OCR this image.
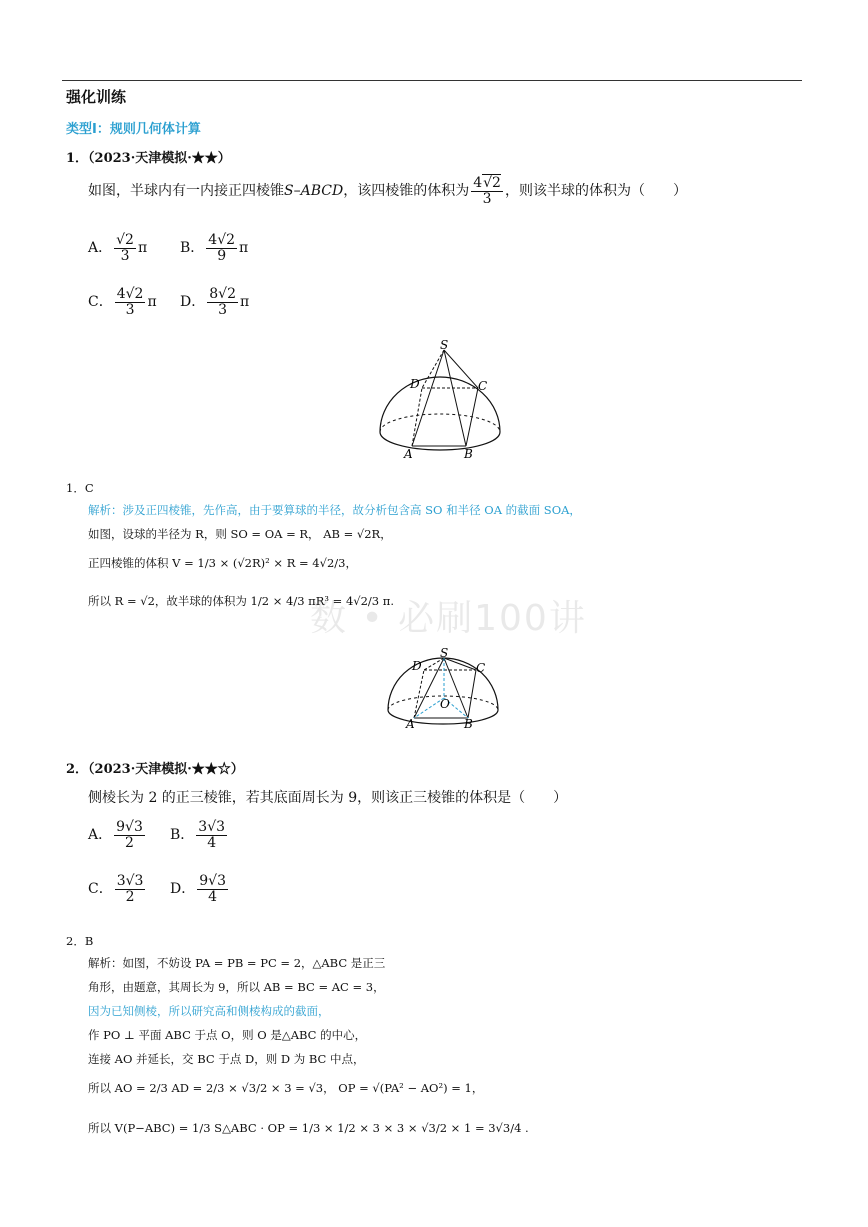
强化训练
类型Ⅰ：规则几何体计算
数 • 必刷100讲
1．（2023·天津模拟·★★）
如图，半球内有一内接正四棱锥S–ABCD，该四棱锥的体积为 $\frac{4√2}{3}$ ，则该半球的体积为（　　）
A． $\frac{√2}{3}$ π B． $\frac{4√2}{9}$ π
C． $\frac{4√2}{3}$ π D． $\frac{8√2}{3}$ π
S
D	C
A	B
1．C
解析：涉及正四棱锥，先作高，由于要算球的半径，故分析包含高 SO 和半径 OA 的截面 SOA，
如图，设球的半径为 R，则 SO = OA = R， AB = √2R，
正四棱锥的体积 V = 1/3 × (√2R)² × R = 4√2/3，
所以 R = √2，故半球的体积为 1/2 × 4/3 πR³ = 4√2/3 π.
S
D	C
O
A	B
2．（2023·天津模拟·★★☆）
侧棱长为 2 的正三棱锥，若其底面周长为 9，则该正三棱锥的体积是（　　）
A． $\frac{9√3}{2}$ B． $\frac{3√3}{4}$
C． $\frac{3√3}{2}$ D． $\frac{9√3}{4}$
2．B
解析：如图，不妨设 PA = PB = PC = 2，△ABC 是正三
角形，由题意，其周长为 9，所以 AB = BC = AC = 3，
因为已知侧棱，所以研究高和侧棱构成的截面，
作 PO ⊥ 平面 ABC 于点 O，则 O 是△ABC 的中心，
连接 AO 并延长，交 BC 于点 D，则 D 为 BC 中点，
所以 AO = 2/3 AD = 2/3 × √3/2 × 3 = √3， OP = √(PA² − AO²) = 1，
所以 V(P−ABC) = 1/3 S△ABC · OP = 1/3 × 1/2 × 3 × 3 × √3/2 × 1 = 3√3/4 .
